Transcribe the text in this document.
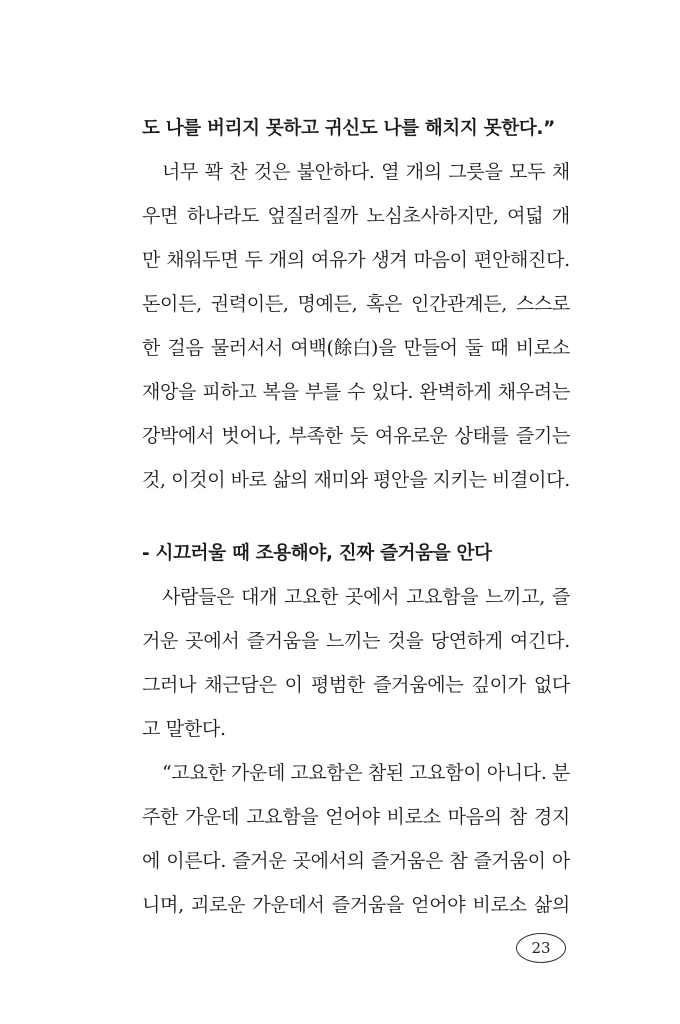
도 나를 버리지 못하고 귀신도 나를 해치지 못한다.”
너무 꽉 찬 것은 불안하다. 열 개의 그릇을 모두 채
우면 하나라도 엎질러질까 노심초사하지만, 여덟 개
만 채워두면 두 개의 여유가 생겨 마음이 편안해진다.
돈이든, 권력이든, 명예든, 혹은 인간관계든, 스스로
한 걸음 물러서서 여백(餘白)을 만들어 둘 때 비로소
재앙을 피하고 복을 부를 수 있다. 완벽하게 채우려는
강박에서 벗어나, 부족한 듯 여유로운 상태를 즐기는
것, 이것이 바로 삶의 재미와 평안을 지키는 비결이다.
- 시끄러울 때 조용해야, 진짜 즐거움을 안다
사람들은 대개 고요한 곳에서 고요함을 느끼고, 즐
거운 곳에서 즐거움을 느끼는 것을 당연하게 여긴다.
그러나 채근담은 이 평범한 즐거움에는 깊이가 없다
고 말한다.
“고요한 가운데 고요함은 참된 고요함이 아니다. 분
주한 가운데 고요함을 얻어야 비로소 마음의 참 경지
에 이른다. 즐거운 곳에서의 즐거움은 참 즐거움이 아
니며, 괴로운 가운데서 즐거움을 얻어야 비로소 삶의
23
